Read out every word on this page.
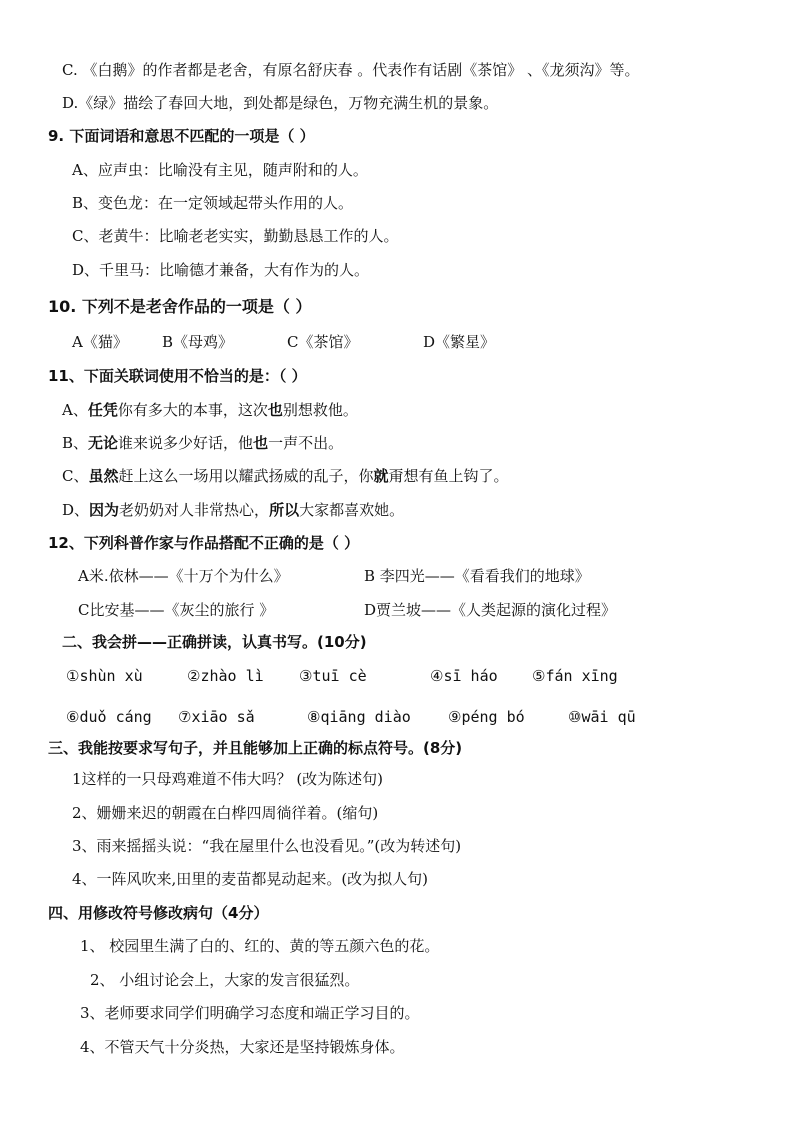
C. 《白鹅》的作者都是老舍，有原名舒庆春 。代表作有话剧《茶馆》 、《龙须沟》等。
D.《绿》描绘了春回大地，到处都是绿色，万物充满生机的景象。
9. 下面词语和意思不匹配的一项是（ ）
A、应声虫：比喻没有主见，随声附和的人。
B、变色龙：在一定领域起带头作用的人。
C、老黄牛：比喻老老实实，勤勤恳恳工作的人。
D、千里马：比喻德才兼备，大有作为的人。
10. 下列不是老舍作品的一项是（ ）
A《猫》 B《母鸡》	C《茶馆》	D《繁星》
11、下面关联词使用不恰当的是：（ ）
A、任凭你有多大的本事，这次也别想救他。
B、无论谁来说多少好话，他也一声不出。
C、虽然赶上这么一场用以耀武扬威的乱子，你就甭想有鱼上钩了。
D、因为老奶奶对人非常热心，所以大家都喜欢她。
12、下列科普作家与作品搭配不正确的是（ ）
A米.依林——《十万个为什么》	B 李四光——《看看我们的地球》
C比安基——《灰尘的旅行 》	D贾兰坡——《人类起源的演化过程》
二、我会拼——正确拼读，认真书写。(10分)
①shùn xù	②zhào lì ③tuī cè	④sī háo ⑤fán xīng
⑥duǒ cáng ⑦xiāo sǎ	⑧qiāng diào ⑨péng bó	⑩wāi qū
三、我能按要求写句子，并且能够加上正确的标点符号。(8分)
1这样的一只母鸡难道不伟大吗？ (改为陈述句)
2、姗姗来迟的朝霞在白桦四周徜徉着。(缩句)
3、雨来摇摇头说：“我在屋里什么也没看见。”(改为转述句)
4、一阵风吹来,田里的麦苗都晃动起来。(改为拟人句)
四、用修改符号修改病句（4分）
1、 校园里生满了白的、红的、黄的等五颜六色的花。
2、 小组讨论会上，大家的发言很猛烈。
3、老师要求同学们明确学习态度和端正学习目的。
4、不管天气十分炎热，大家还是坚持锻炼身体。
